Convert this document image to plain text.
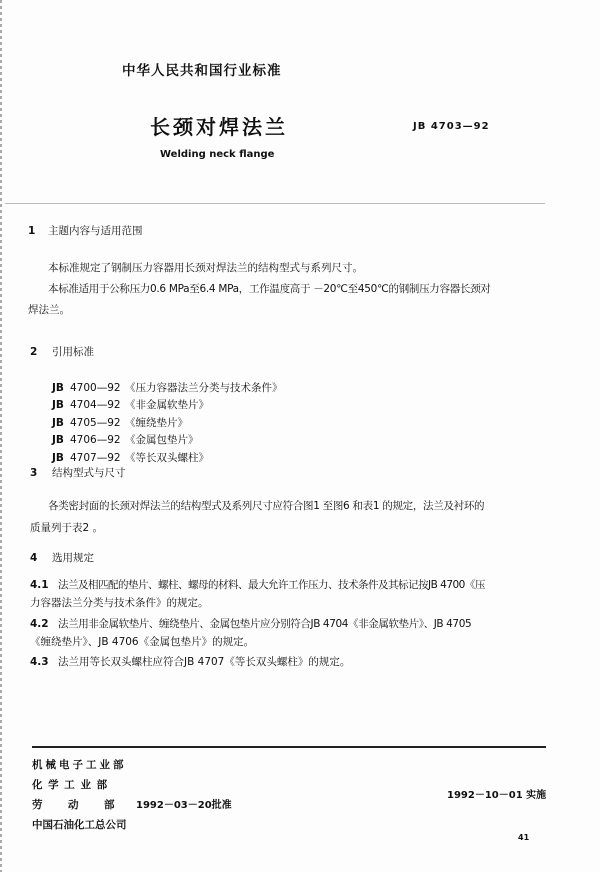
中华人民共和国行业标准
长颈对焊法兰	JB 4703—92
Welding neck flange
1 主题内容与适用范围
本标准规定了钢制压力容器用长颈对焊法兰的结构型式与系列尺寸。
本标准适用于公称压力0.6 MPa至6.4 MPa，工作温度高于 －20℃至450℃的钢制压力容器长颈对
焊法兰。
2 引用标准
JB 4700—92 《压力容器法兰分类与技术条件》
JB 4704—92 《非金属软垫片》
JB 4705—92 《缠绕垫片》
JB 4706—92 《金属包垫片》
JB 4707—92 《等长双头螺柱》
3 结构型式与尺寸
各类密封面的长颈对焊法兰的结构型式及系列尺寸应符合图1 至图6 和表1 的规定，法兰及衬环的
质量列于表2 。
4 选用规定
4.1 法兰及相匹配的垫片、螺柱、螺母的材料、最大允许工作压力、技术条件及其标记按JB 4700《压
力容器法兰分类与技术条件》的规定。
4.2 法兰用非金属软垫片、缠绕垫片、金属包垫片应分别符合JB 4704《非金属软垫片》、JB 4705
《缠绕垫片》、JB 4706《金属包垫片》的规定。
4.3 法兰用等长双头螺柱应符合JB 4707《等长双头螺柱》的规定。
机械电子工业部
化 学 工 业 部
劳　　动　　部
中国石油化工总公司
1992－03－20批准
1992－10－01 实施
41
